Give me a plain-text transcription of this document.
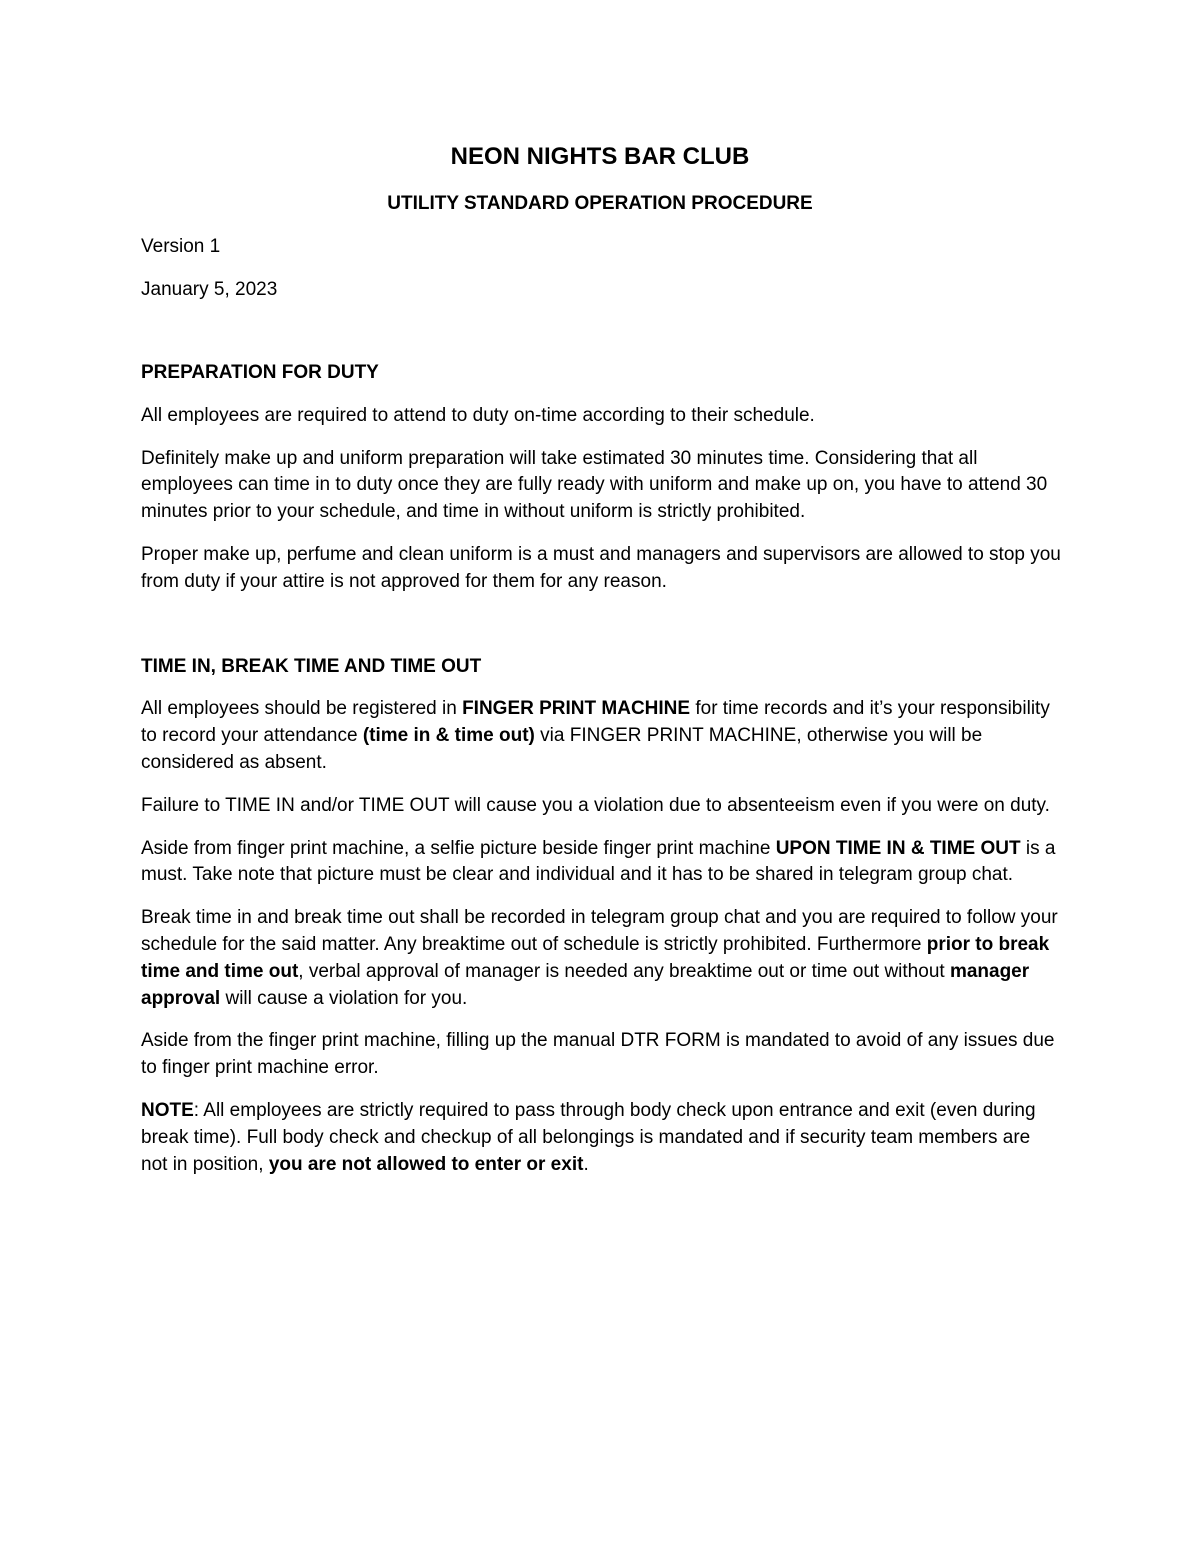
NEON NIGHTS BAR CLUB
UTILITY STANDARD OPERATION PROCEDURE
Version 1
January 5, 2023
PREPARATION FOR DUTY

All employees are required to attend to duty on-time according to their schedule.

Definitely make up and uniform preparation will take estimated 30 minutes time. Considering that all employees can time in to duty once they are fully ready with uniform and make up on, you have to attend 30 minutes prior to your schedule, and time in without uniform is strictly prohibited.

Proper make up, perfume and clean uniform is a must and managers and supervisors are allowed to stop you from duty if your attire is not approved for them for any reason.

TIME IN, BREAK TIME AND TIME OUT

All employees should be registered in FINGER PRINT MACHINE for time records and it’s your responsibility to record your attendance (time in & time out) via FINGER PRINT MACHINE, otherwise you will be considered as absent.

Failure to TIME IN and/or TIME OUT will cause you a violation due to absenteeism even if you were on duty.

Aside from finger print machine, a selfie picture beside finger print machine UPON TIME IN & TIME OUT is a must. Take note that picture must be clear and individual and it has to be shared in telegram group chat.

Break time in and break time out shall be recorded in telegram group chat and you are required to follow your schedule for the said matter. Any breaktime out of schedule is strictly prohibited. Furthermore prior to break time and time out, verbal approval of manager is needed any breaktime out or time out without manager approval will cause a violation for you.

Aside from the finger print machine, filling up the manual DTR FORM is mandated to avoid of any issues due to finger print machine error.

NOTE: All employees are strictly required to pass through body check upon entrance and exit (even during break time). Full body check and checkup of all belongings is mandated and if security team members are not in position, you are not allowed to enter or exit.
